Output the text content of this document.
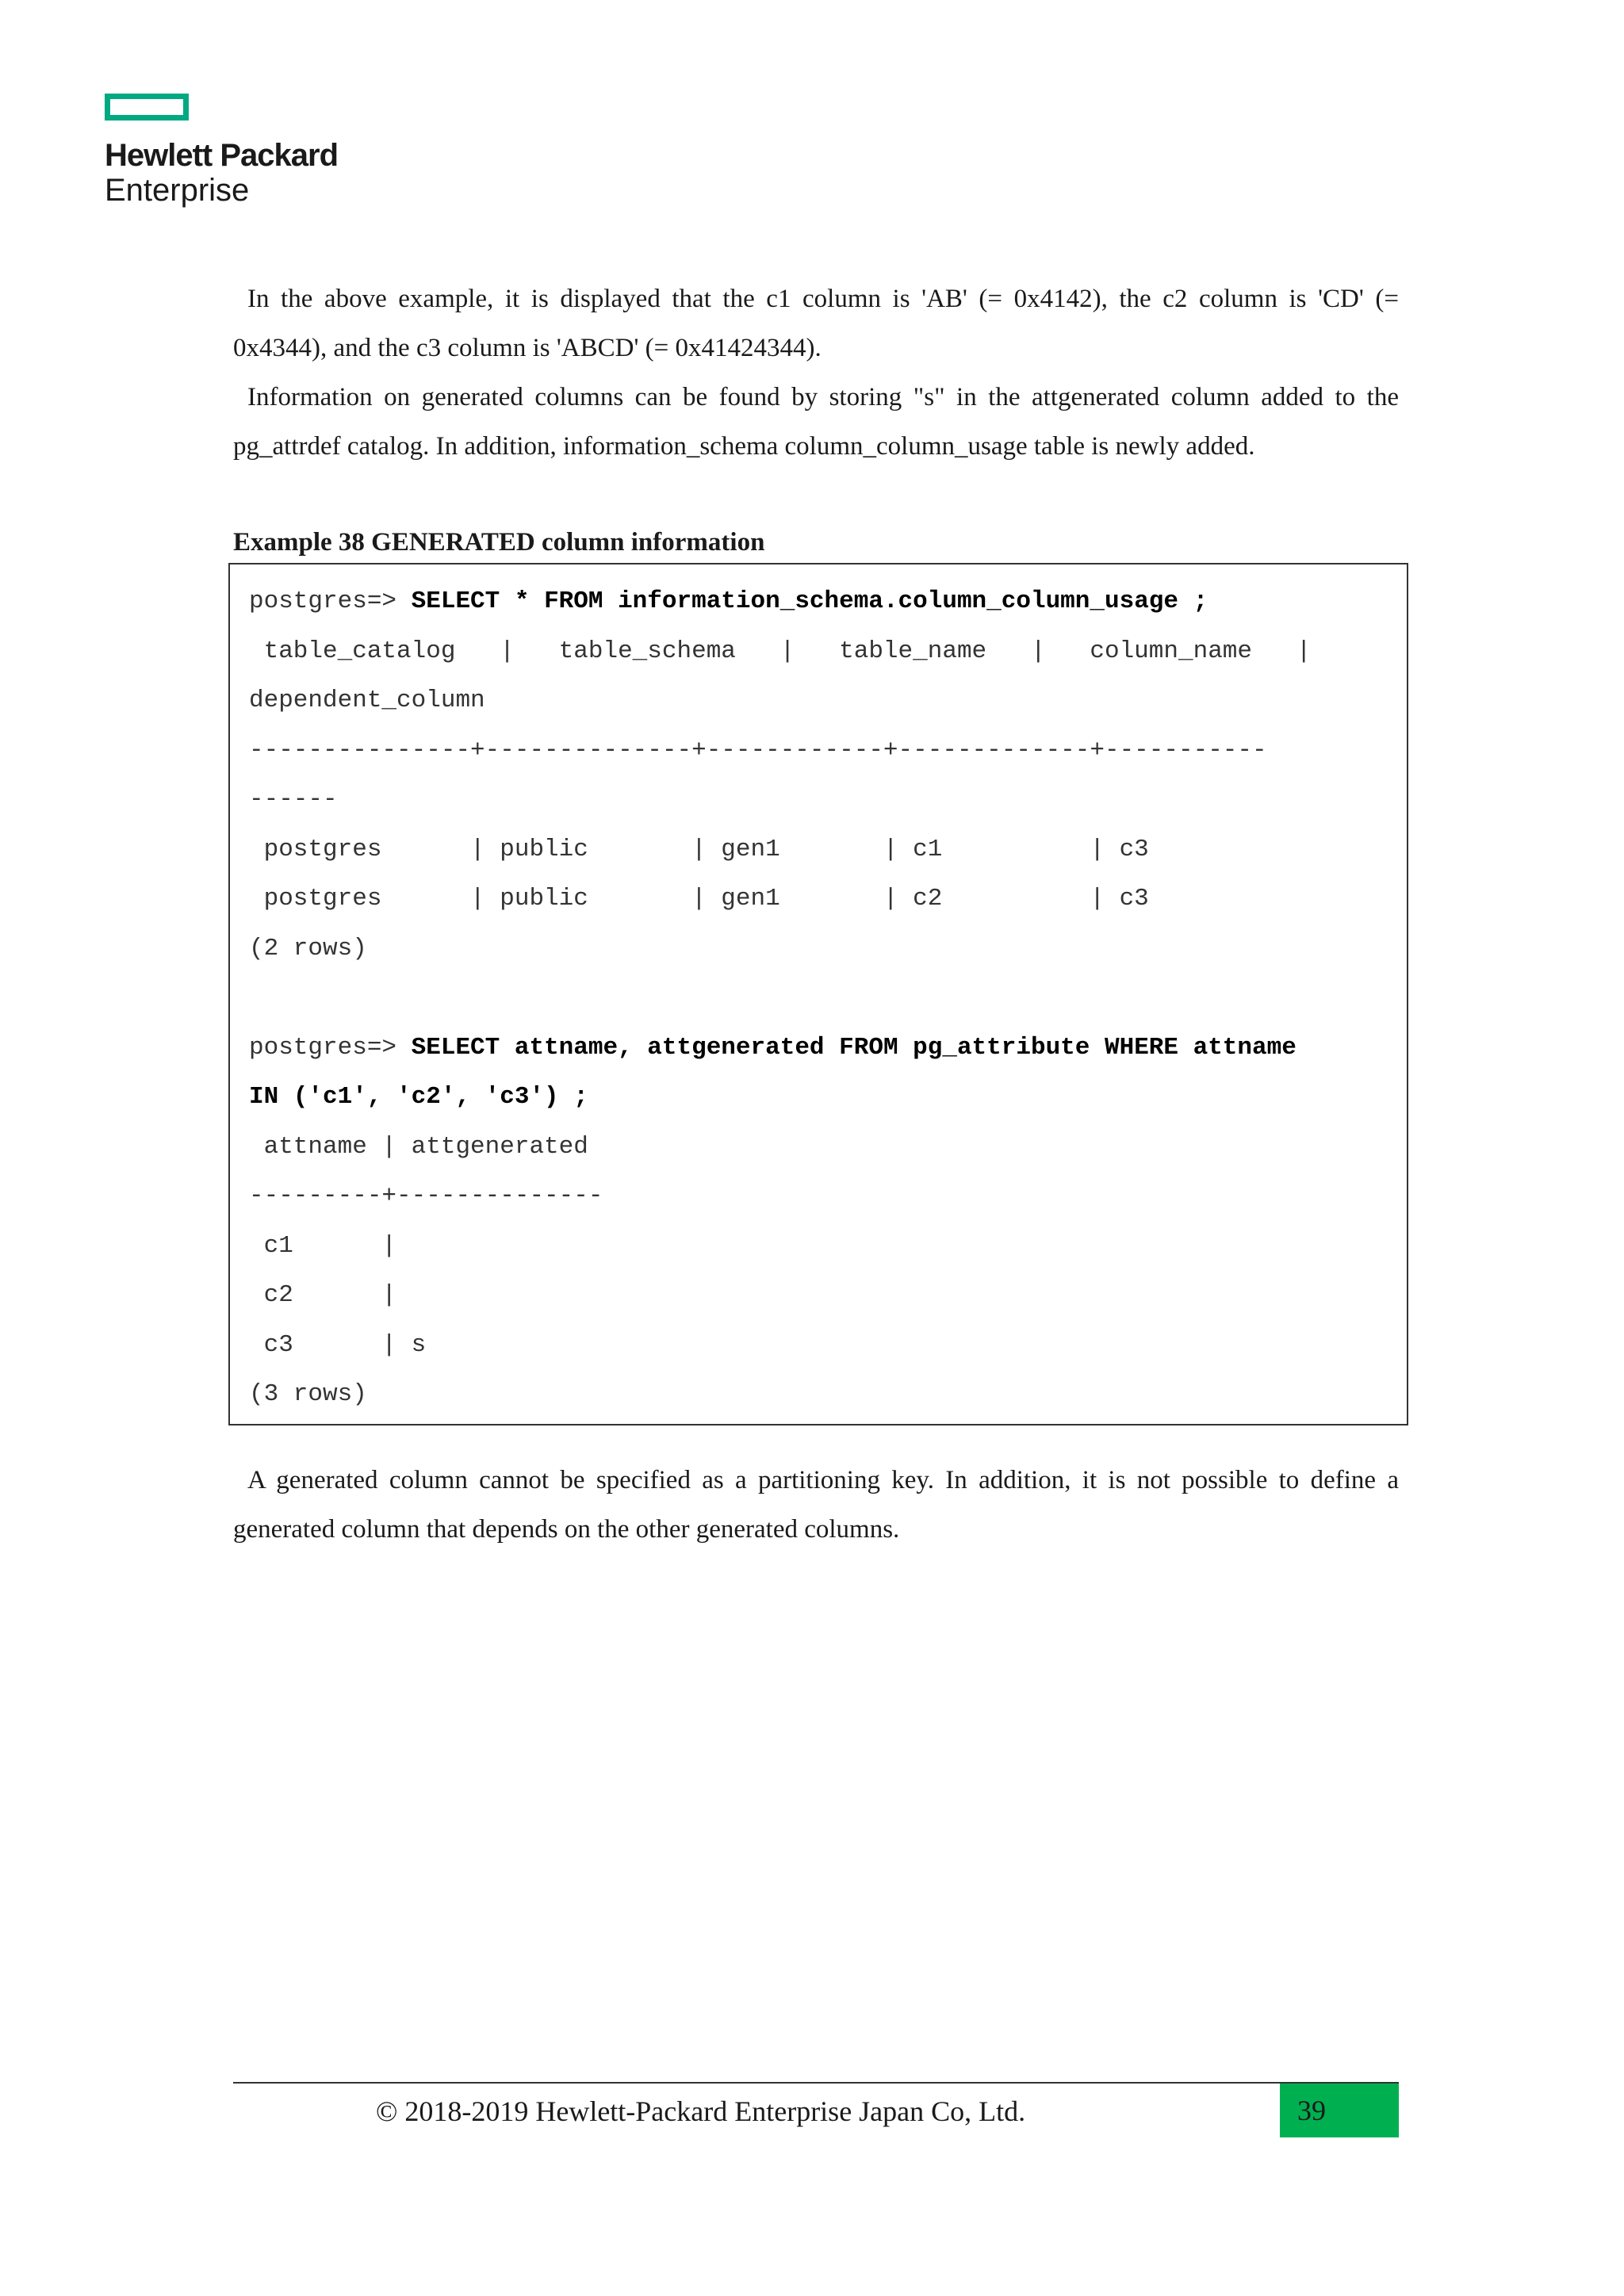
Hewlett Packard
Enterprise

In the above example, it is displayed that the c1 column is 'AB' (= 0x4142), the c2 column is 'CD' (= 0x4344), and the c3 column is 'ABCD' (= 0x41424344).

Information on generated columns can be found by storing "s" in the attgenerated column added to the pg_attrdef catalog. In addition, information_schema column_column_usage table is newly added.

Example 38 GENERATED column information
postgres=> SELECT * FROM information_schema.column_column_usage ;
table_catalog   |   table_schema   |   table_name   |   column_name   |
dependent_column
---------------+--------------+------------+-------------+-----------
------
postgres      | public       | gen1       | c1          | c3
postgres      | public       | gen1       | c2          | c3
(2 rows)
postgres=> SELECT attname, attgenerated FROM pg_attribute WHERE attname
IN ('c1', 'c2', 'c3') ;
attname | attgenerated
---------+--------------
c1      |
c2      |
c3      | s
(3 rows)

A generated column cannot be specified as a partitioning key. In addition, it is not possible to define a generated column that depends on the other generated columns.

© 2018-2019 Hewlett-Packard Enterprise Japan Co, Ltd.	39
